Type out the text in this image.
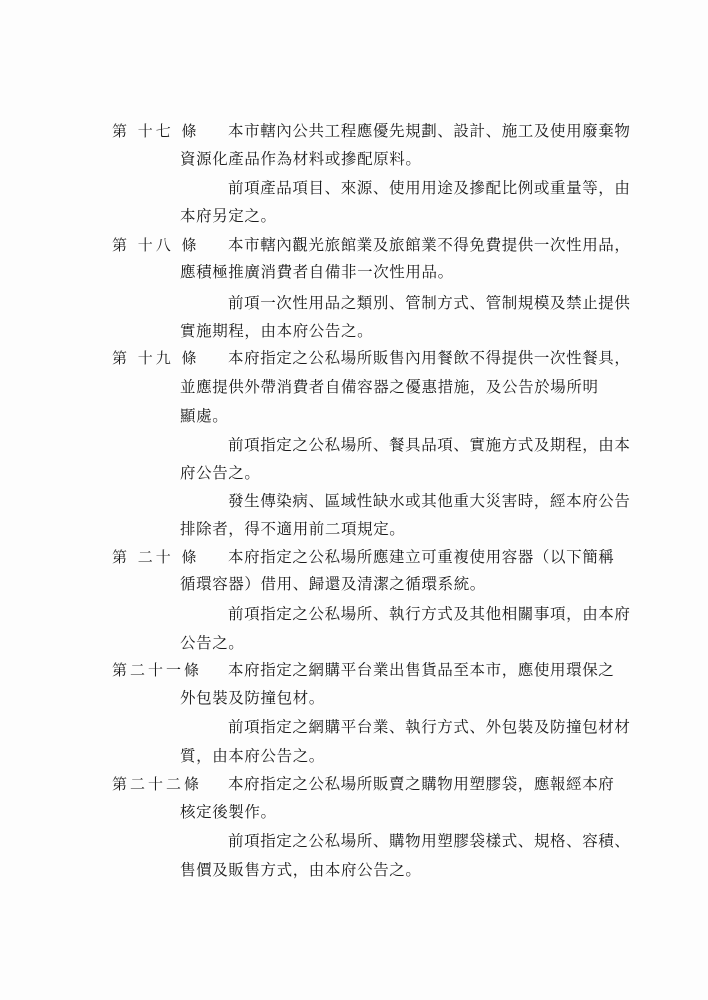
第 十七 條 本市轄內公共工程應優先規劃、設計、施工及使用廢棄物
資源化產品作為材料或摻配原料。
前項產品項目、來源、使用用途及摻配比例或重量等，由
本府另定之。
第 十八 條 本市轄內觀光旅館業及旅館業不得免費提供一次性用品，
應積極推廣消費者自備非一次性用品。
前項一次性用品之類別、管制方式、管制規模及禁止提供
實施期程，由本府公告之。
第 十九 條 本府指定之公私場所販售內用餐飲不得提供一次性餐具，
並應提供外帶消費者自備容器之優惠措施，及公告於場所明
顯處。
前項指定之公私場所、餐具品項、實施方式及期程，由本
府公告之。
發生傳染病、區域性缺水或其他重大災害時，經本府公告
排除者，得不適用前二項規定。
第 二十 條 本府指定之公私場所應建立可重複使用容器（以下簡稱
循環容器）借用、歸還及清潔之循環系統。
前項指定之公私場所、執行方式及其他相關事項，由本府
公告之。
第二十一條 本府指定之網購平台業出售貨品至本市，應使用環保之
外包裝及防撞包材。
前項指定之網購平台業、執行方式、外包裝及防撞包材材
質，由本府公告之。
第二十二條 本府指定之公私場所販賣之購物用塑膠袋，應報經本府
核定後製作。
前項指定之公私場所、購物用塑膠袋樣式、規格、容積、
售價及販售方式，由本府公告之。
